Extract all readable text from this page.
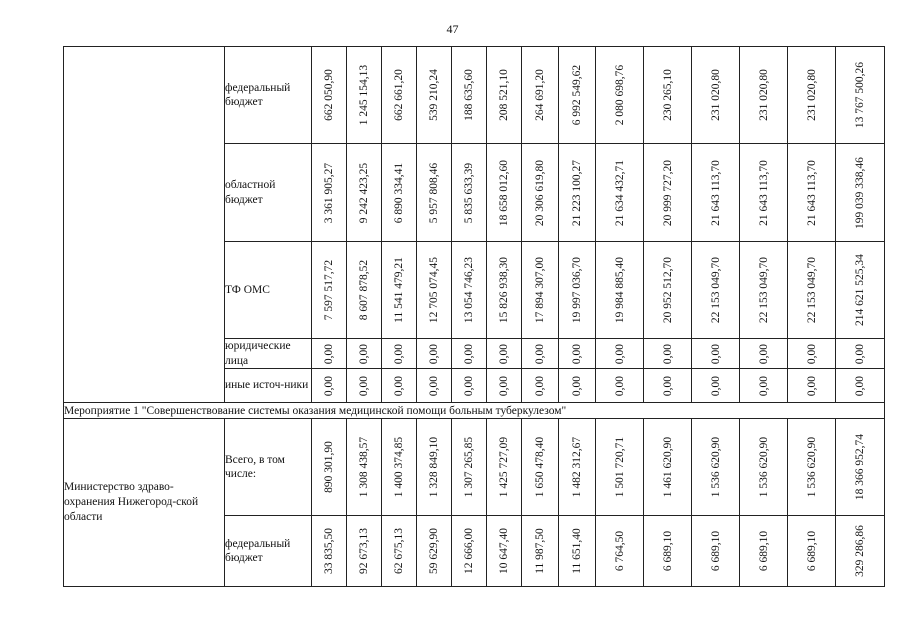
47
	федеральный бюджет	662 050,90	1 245 154,13	662 661,20	539 210,24	188 635,60	208 521,10	264 691,20	6 992 549,62	2 080 698,76	230 265,10	231 020,80	231 020,80	231 020,80	13 767 500,26

	областной бюджет	3 361 905,27	9 242 423,25	6 890 334,41	5 957 808,46	5 835 633,39	18 658 012,60	20 306 619,80	21 223 100,27	21 634 432,71	20 999 727,20	21 643 113,70	21 643 113,70	21 643 113,70	199 039 338,46

	ТФ ОМС	7 597 517,72	8 607 878,52	11 541 479,21	12 705 074,45	13 054 746,23	15 826 938,30	17 894 307,00	19 997 036,70	19 984 885,40	20 952 512,70	22 153 049,70	22 153 049,70	22 153 049,70	214 621 525,34

	юридические лица	0,00	0,00	0,00	0,00	0,00	0,00	0,00	0,00	0,00	0,00	0,00	0,00	0,00	0,00

	иные источ-ники	0,00	0,00	0,00	0,00	0,00	0,00	0,00	0,00	0,00	0,00	0,00	0,00	0,00	0,00

Мероприятие 1 "Совершенствование системы оказания медицинской помощи больным туберкулезом"															
Министерство здраво-охранения Нижегород-ской области	Всего, в том числе:	890 301,90	1 308 438,57	1 400 374,85	1 328 849,10	1 307 265,85	1 425 727,09	1 650 478,40	1 482 312,67	1 501 720,71	1 461 620,90	1 536 620,90	1 536 620,90	1 536 620,90	18 366 952,74

	федеральный бюджет	33 835,50	92 673,13	62 675,13	59 629,90	12 666,00	10 647,40	11 987,50	11 651,40	6 764,50	6 689,10	6 689,10	6 689,10	6 689,10	329 286,86
